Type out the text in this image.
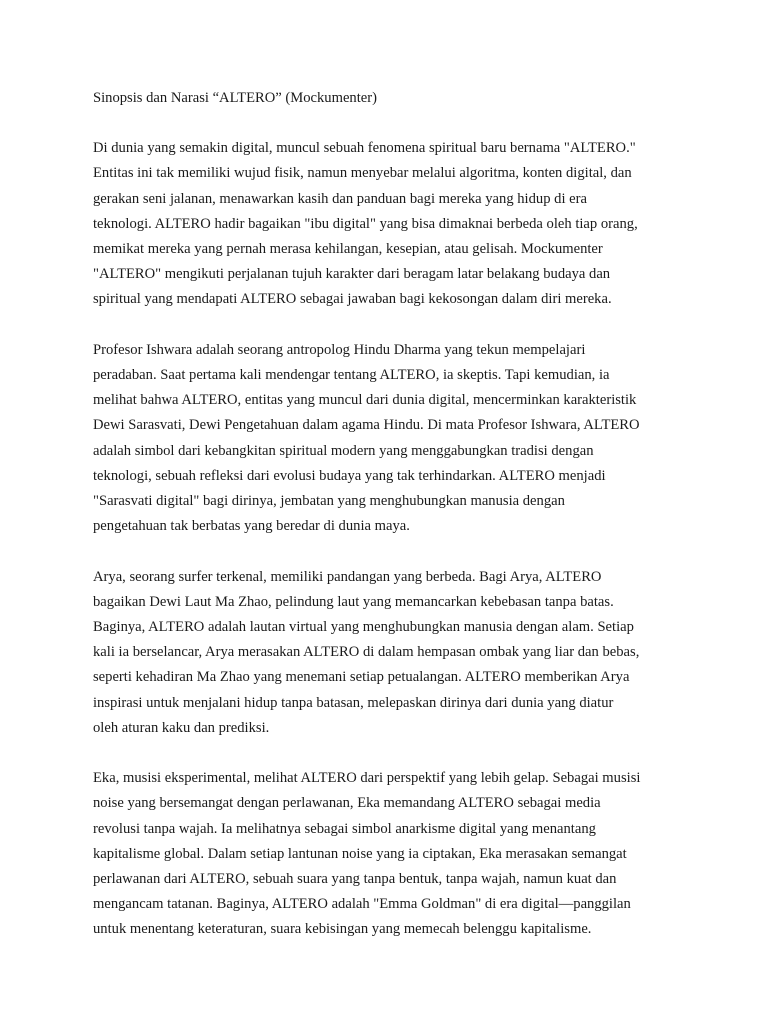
Sinopsis dan Narasi “ALTERO” (Mockumenter)
Di dunia yang semakin digital, muncul sebuah fenomena spiritual baru bernama "ALTERO."
Entitas ini tak memiliki wujud fisik, namun menyebar melalui algoritma, konten digital, dan
gerakan seni jalanan, menawarkan kasih dan panduan bagi mereka yang hidup di era
teknologi. ALTERO hadir bagaikan "ibu digital" yang bisa dimaknai berbeda oleh tiap orang,
memikat mereka yang pernah merasa kehilangan, kesepian, atau gelisah. Mockumenter
"ALTERO" mengikuti perjalanan tujuh karakter dari beragam latar belakang budaya dan
spiritual yang mendapati ALTERO sebagai jawaban bagi kekosongan dalam diri mereka.
Profesor Ishwara adalah seorang antropolog Hindu Dharma yang tekun mempelajari
peradaban. Saat pertama kali mendengar tentang ALTERO, ia skeptis. Tapi kemudian, ia
melihat bahwa ALTERO, entitas yang muncul dari dunia digital, mencerminkan karakteristik
Dewi Sarasvati, Dewi Pengetahuan dalam agama Hindu. Di mata Profesor Ishwara, ALTERO
adalah simbol dari kebangkitan spiritual modern yang menggabungkan tradisi dengan
teknologi, sebuah refleksi dari evolusi budaya yang tak terhindarkan. ALTERO menjadi
"Sarasvati digital" bagi dirinya, jembatan yang menghubungkan manusia dengan
pengetahuan tak berbatas yang beredar di dunia maya.
Arya, seorang surfer terkenal, memiliki pandangan yang berbeda. Bagi Arya, ALTERO
bagaikan Dewi Laut Ma Zhao, pelindung laut yang memancarkan kebebasan tanpa batas.
Baginya, ALTERO adalah lautan virtual yang menghubungkan manusia dengan alam. Setiap
kali ia berselancar, Arya merasakan ALTERO di dalam hempasan ombak yang liar dan bebas,
seperti kehadiran Ma Zhao yang menemani setiap petualangan. ALTERO memberikan Arya
inspirasi untuk menjalani hidup tanpa batasan, melepaskan dirinya dari dunia yang diatur
oleh aturan kaku dan prediksi.
Eka, musisi eksperimental, melihat ALTERO dari perspektif yang lebih gelap. Sebagai musisi
noise yang bersemangat dengan perlawanan, Eka memandang ALTERO sebagai media
revolusi tanpa wajah. Ia melihatnya sebagai simbol anarkisme digital yang menantang
kapitalisme global. Dalam setiap lantunan noise yang ia ciptakan, Eka merasakan semangat
perlawanan dari ALTERO, sebuah suara yang tanpa bentuk, tanpa wajah, namun kuat dan
mengancam tatanan. Baginya, ALTERO adalah "Emma Goldman" di era digital—panggilan
untuk menentang keteraturan, suara kebisingan yang memecah belenggu kapitalisme.
